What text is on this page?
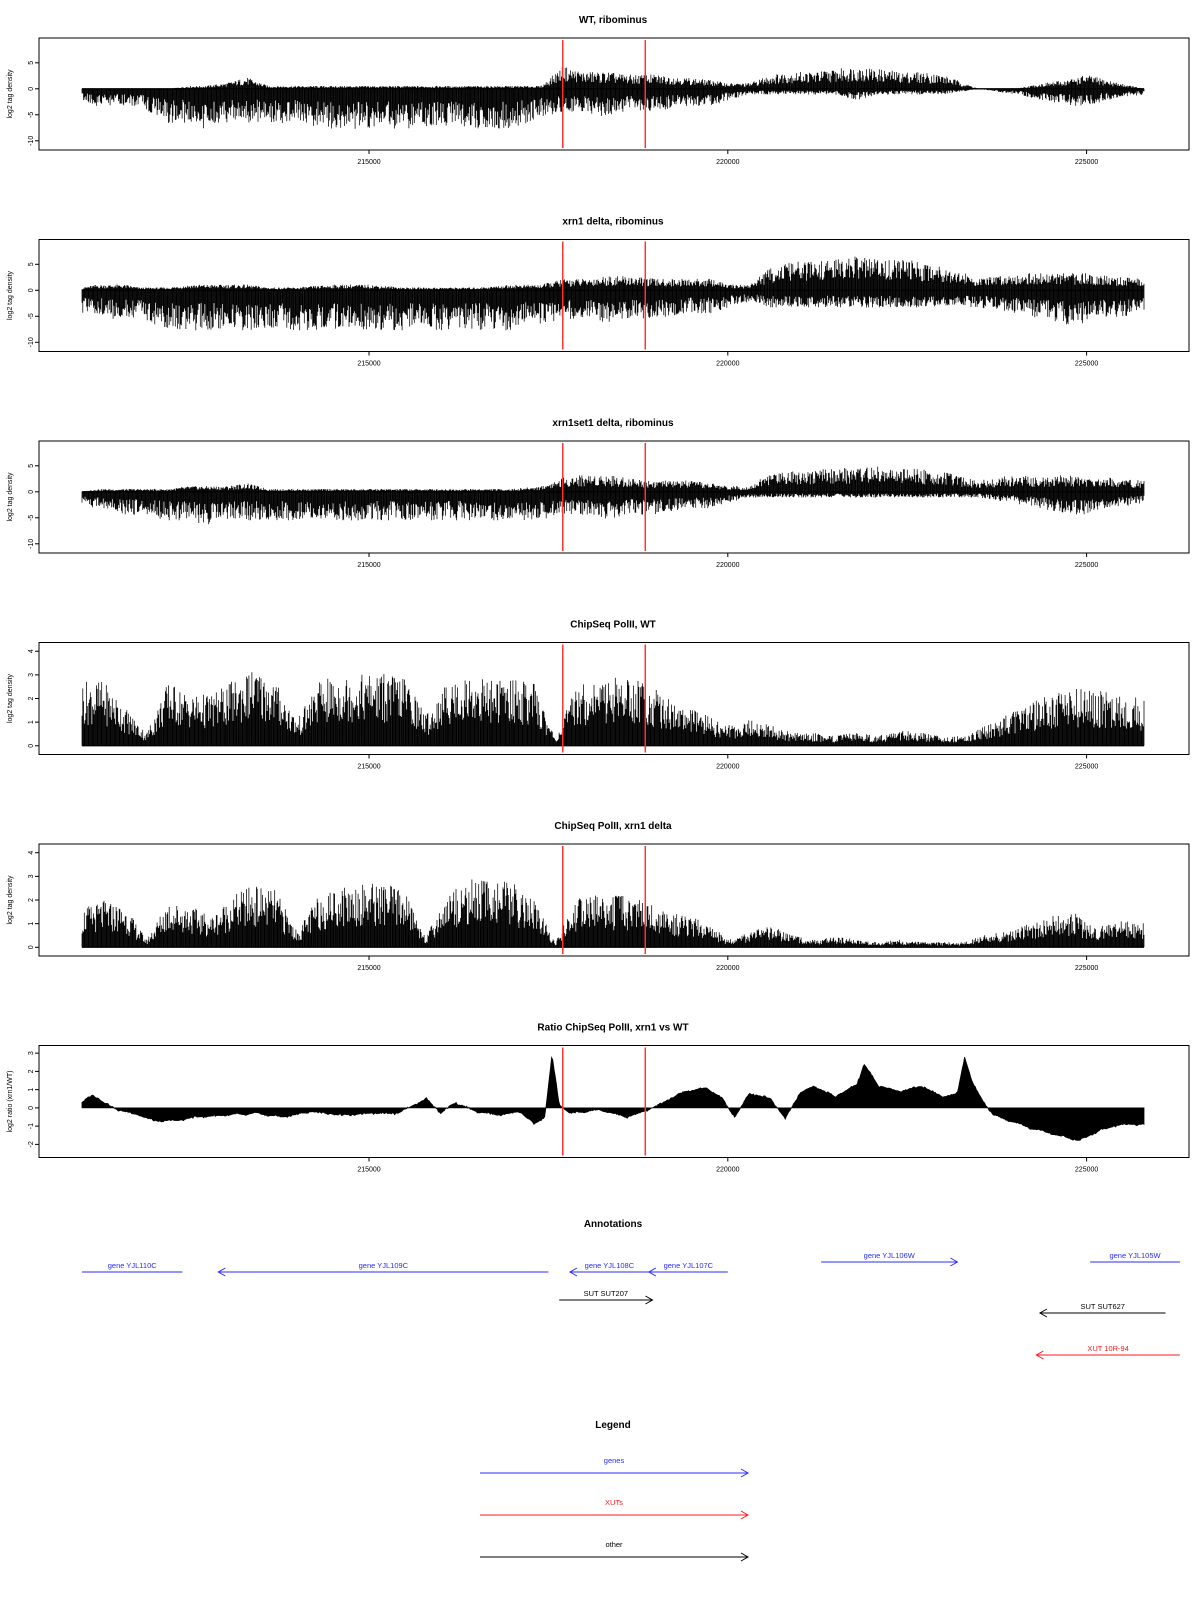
WT, ribominus
-10
-5
0
5
log2 tag density
215000	220000	225000
xrn1 delta, ribominus
-10
-5
0
5
log2 tag density
215000	220000	225000
xrn1set1 delta, ribominus
-10
-5
0
5
log2 tag density
215000	220000	225000
ChipSeq PolII, WT
0
1
2
3
4
log2 tag density
215000	220000	225000
ChipSeq PolII, xrn1 delta
0
1
2
3
4
log2 tag density
215000	220000	225000
Ratio ChipSeq PolII, xrn1 vs WT
-2
-1
0
1
2
3
log2 ratio (xrn1/WT)
215000	220000	225000
Annotations
gene YJL110C	gene YJL109C	gene YJL108C	gene YJL107C
gene YJL106W	gene YJL105W
SUT SUT207
SUT SUT627
XUT 10R-94
Legend
genes
XUTs
other
